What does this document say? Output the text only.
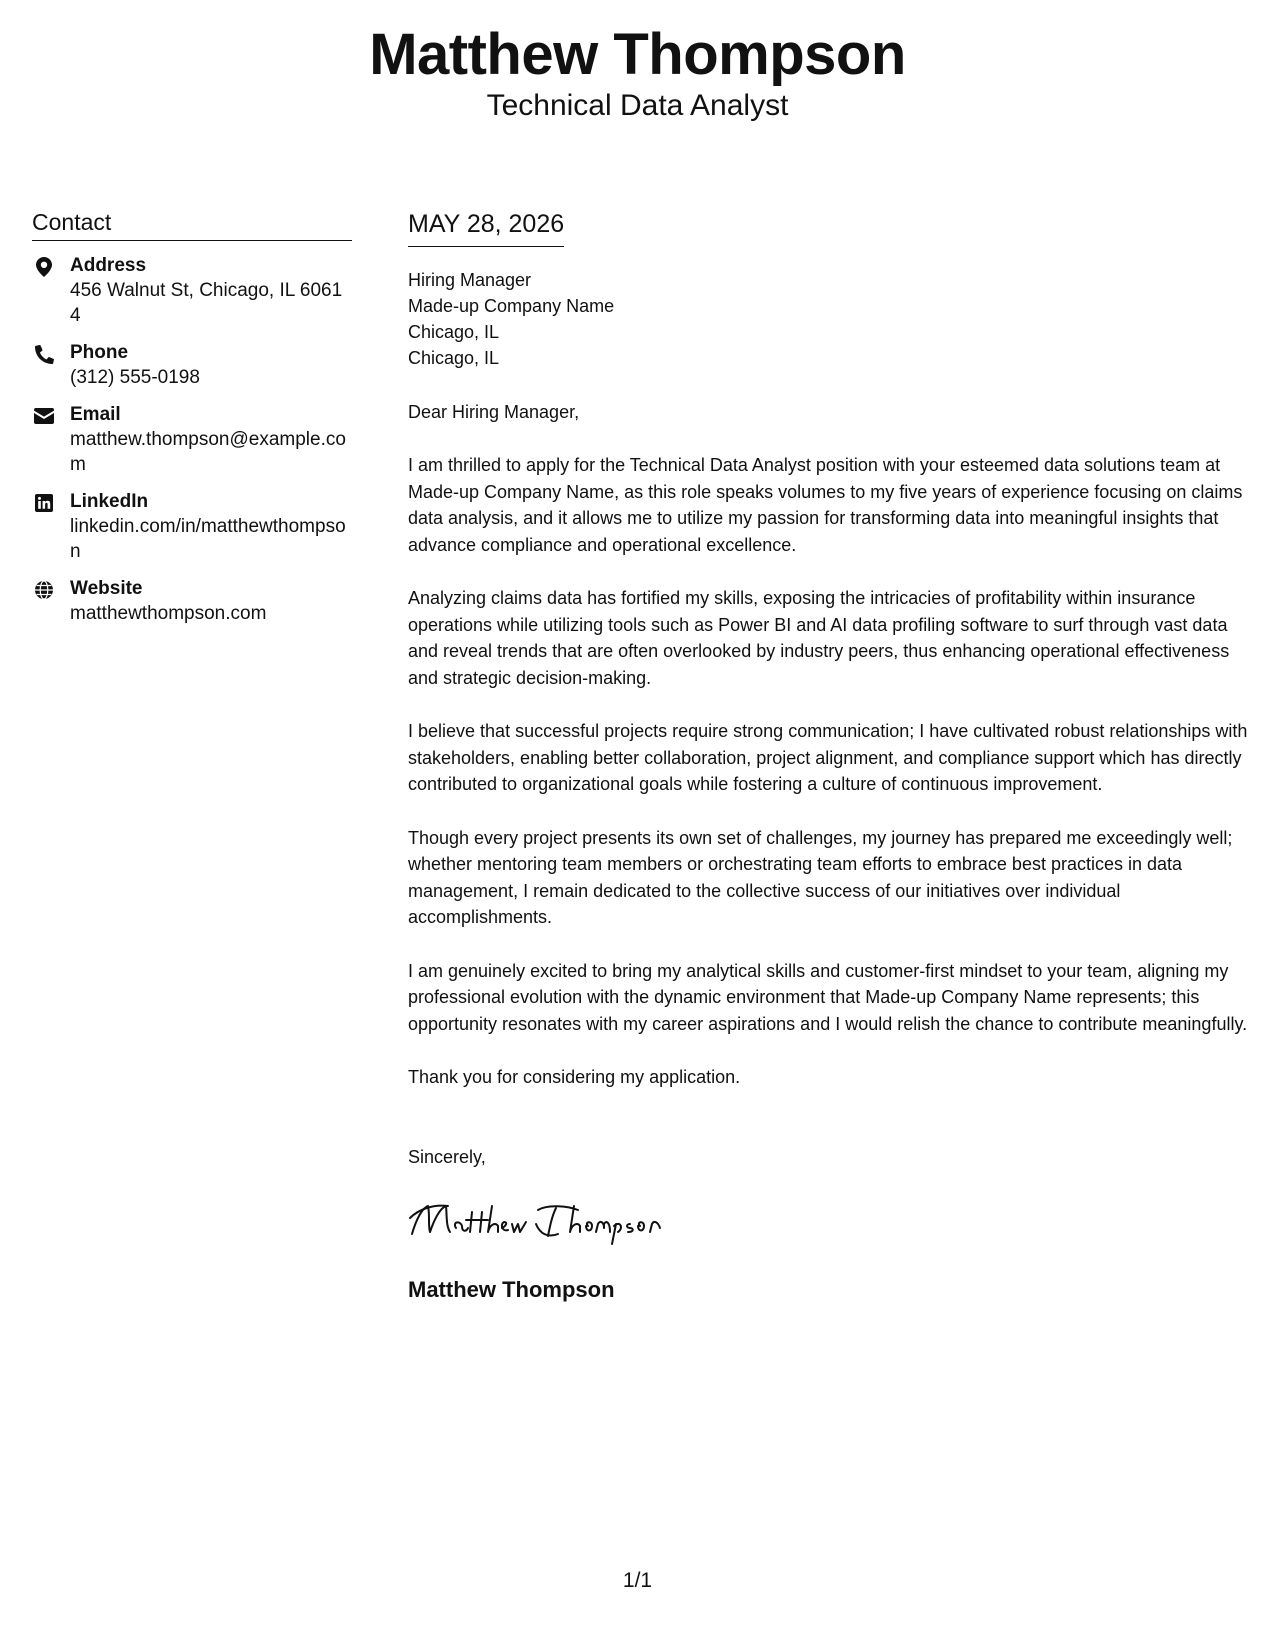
Matthew Thompson
Technical Data Analyst
Contact
Address
456 Walnut St, Chicago, IL 60614
Phone
(312) 555-0198
Email
matthew.thompson@example.com
LinkedIn
linkedin.com/in/matthewthompson
Website
matthewthompson.com
MAY 28, 2026
Hiring Manager
Made-up Company Name
Chicago, IL
Chicago, IL
Dear Hiring Manager,
I am thrilled to apply for the Technical Data Analyst position with your esteemed data solutions team at Made-up Company Name, as this role speaks volumes to my five years of experience focusing on claims data analysis, and it allows me to utilize my passion for transforming data into meaningful insights that advance compliance and operational excellence.
Analyzing claims data has fortified my skills, exposing the intricacies of profitability within insurance operations while utilizing tools such as Power BI and AI data profiling software to surf through vast data and reveal trends that are often overlooked by industry peers, thus enhancing operational effectiveness and strategic decision-making.
I believe that successful projects require strong communication; I have cultivated robust relationships with stakeholders, enabling better collaboration, project alignment, and compliance support which has directly contributed to organizational goals while fostering a culture of continuous improvement.
Though every project presents its own set of challenges, my journey has prepared me exceedingly well; whether mentoring team members or orchestrating team efforts to embrace best practices in data management, I remain dedicated to the collective success of our initiatives over individual accomplishments.
I am genuinely excited to bring my analytical skills and customer-first mindset to your team, aligning my professional evolution with the dynamic environment that Made-up Company Name represents; this opportunity resonates with my career aspirations and I would relish the chance to contribute meaningfully.
Thank you for considering my application.
Sincerely,
Matthew Thompson
1/1
